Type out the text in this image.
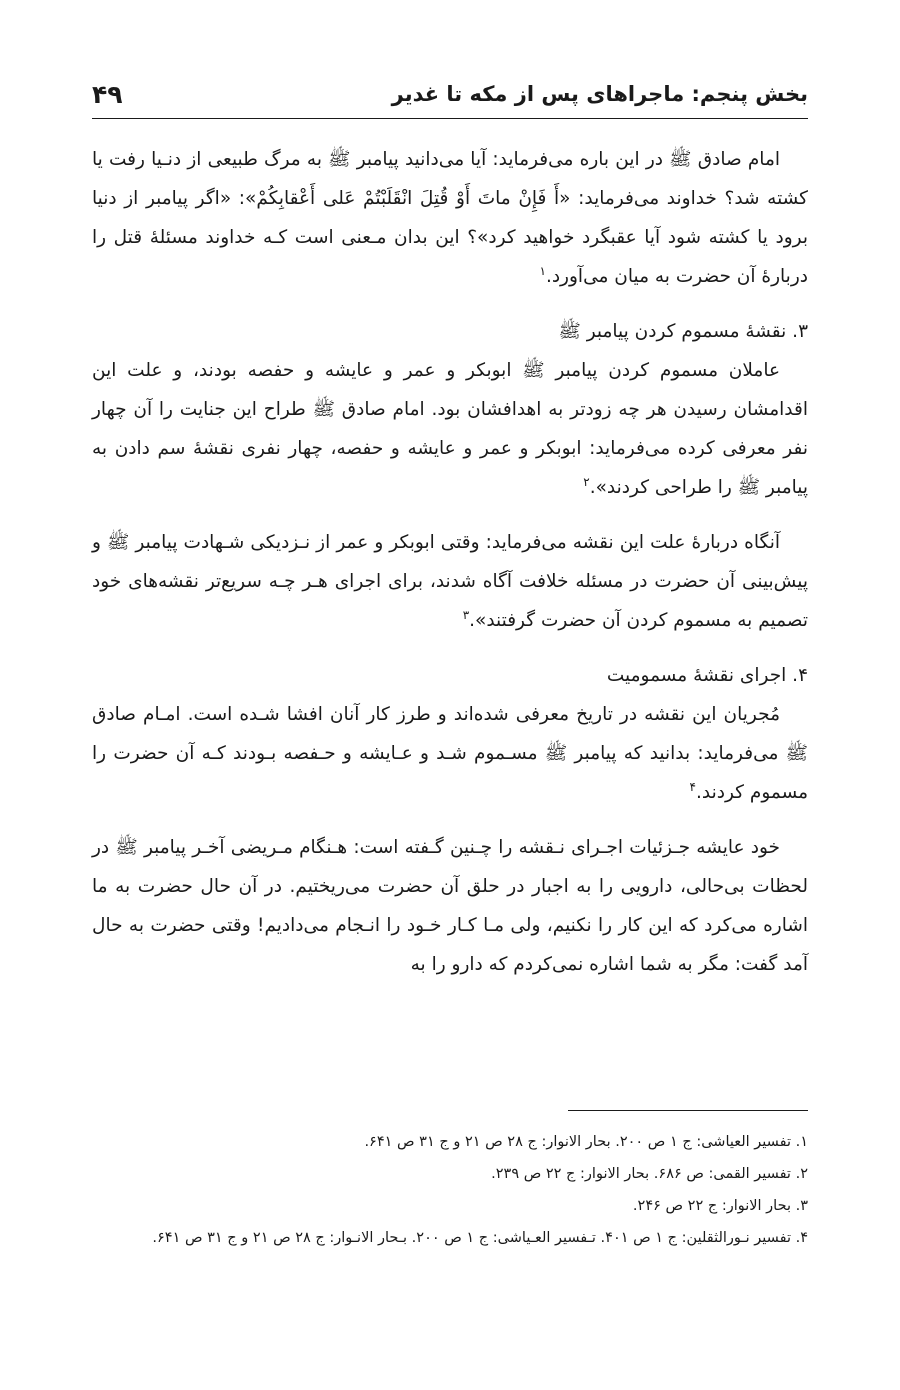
بخش پنجم: ماجراهای پس از مکه تا غدیر
۴۹

امام صادق ﷺ در این باره می‌فرماید: آیا می‌دانید پیامبر ﷺ به مرگ طبیعی از دنـیا رفت یا کشته شد؟ خداوند می‌فرماید: «أَ فَإِنْ ماتَ أَوْ قُتِلَ انْقَلَبْتُمْ عَلی أَعْقابِکُمْ»: «اگر پیامبر از دنیا برود یا کشته شود آیا عقبگرد خواهید کرد»؟ این بدان مـعنی است کـه خداوند مسئلۀ قتل را دربارۀ آن حضرت به میان می‌آورد.$^۱$

۳. نقشۀ مسموم کردن پیامبر ﷺ

عاملان مسموم کردن پیامبر ﷺ ابوبکر و عمر و عایشه و حفصه بودند، و علت این اقدامشان رسیدن هر چه زودتر به اهدافشان بود. امام صادق ﷺ طراح این جنایت را آن چهار نفر معرفی کرده می‌فرماید: ابوبکر و عمر و عایشه و حفصه، چهار نفری نقشۀ سم دادن به پیامبر ﷺ را طراحی کردند».$^۲$

آنگاه دربارۀ علت این نقشه می‌فرماید: وقتی ابوبکر و عمر از نـزدیکی شـهادت پیامبر ﷺ و پیش‌بینی آن حضرت در مسئله خلافت آگاه شدند، برای اجرای هـر چـه سریع‌تر نقشه‌های خود تصمیم به مسموم کردن آن حضرت گرفتند».$^۳$

۴. اجرای نقشۀ مسمومیت

مُجریان این نقشه در تاریخ معرفی شده‌اند و طرز کار آنان افشا شـده است. امـام صادق ﷺ می‌فرماید: بدانید که پیامبر ﷺ مسـموم شـد و عـایشه و حـفصه بـودند کـه آن حضرت را مسموم کردند.$^۴$

خود عایشه جـزئیات اجـرای نـقشه را چـنین گـفته است: هـنگام مـریضی آخـر پیامبر ﷺ در لحظات بی‌حالی، دارویی را به اجبار در حلق آن حضرت می‌ریختیم. در آن حال حضرت به ما اشاره می‌کرد که این کار را نکنیم، ولی مـا کـار خـود را انـجام می‌دادیم! وقتی حضرت به حال آمد گفت: مگر به شما اشاره نمی‌کردم که دارو را به

۱. تفسیر العیاشی: ج ۱ ص ۲۰۰. بحار الانوار: ج ۲۸ ص ۲۱ و ج ۳۱ ص ۶۴۱.
۲. تفسیر القمی: ص ۶۸۶. بحار الانوار: ج ۲۲ ص ۲۳۹.
۳. بحار الانوار: ج ۲۲ ص ۲۴۶.
۴. تفسیر نـورالثقلین: ج ۱ ص ۴۰۱. تـفسیر العـیاشی: ج ۱ ص ۲۰۰. بـحار الانـوار: ج ۲۸ ص ۲۱ و ج ۳۱ ص ۶۴۱.
